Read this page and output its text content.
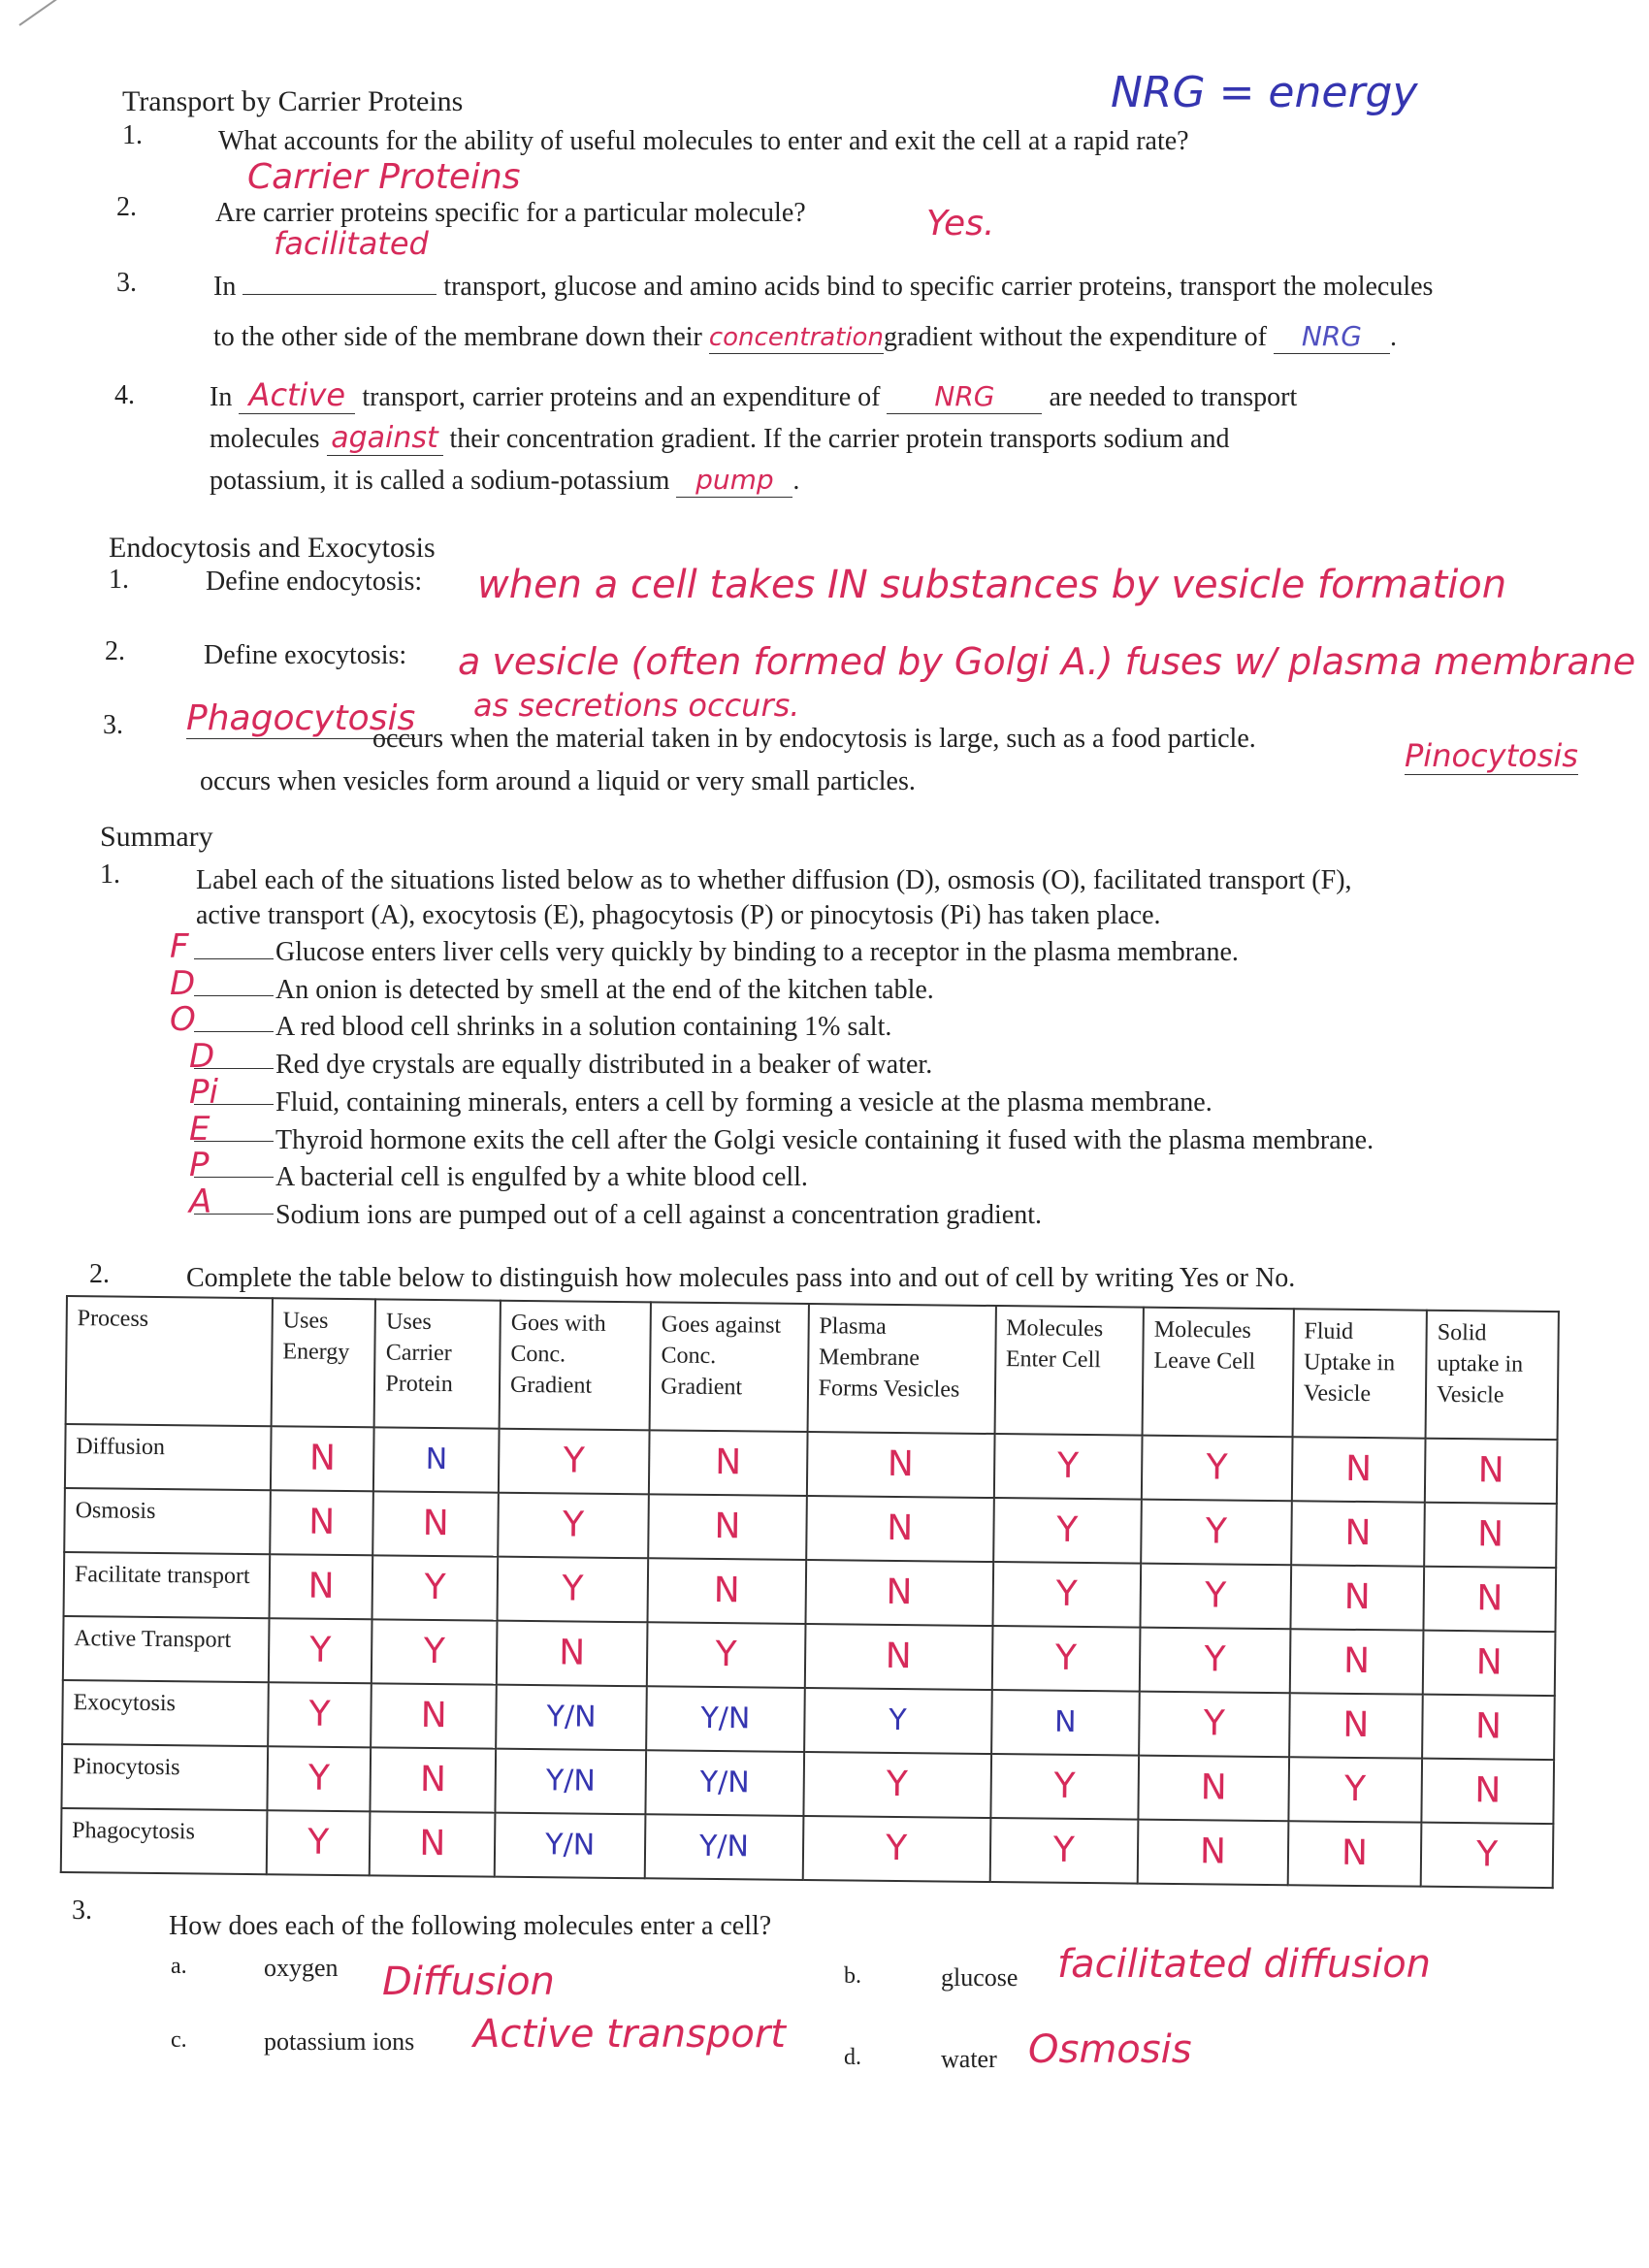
NRG = energy
Transport by Carrier Proteins
1.	What accounts for the ability of useful molecules to enter and exit the cell at a rapid rate?
Carrier Proteins
2.	Are carrier proteins specific for a particular molecule?	Yes.
facilitated
3.	In	transport, glucose and amino acids bind to specific carrier proteins, transport the molecules
to the other side of the membrane down their concentrationgradient without the expenditure of NRG .
4.	In Active transport, carrier proteins and an expenditure of NRG are needed to transport
molecules against their concentration gradient. If the carrier protein transports sodium and
potassium, it is called a sodium-potassium pump .
Endocytosis and Exocytosis
1.	Define endocytosis: when a cell takes IN substances by vesicle formation
2.	Define exocytosis: a vesicle (often formed by Golgi A.) fuses w/ plasma membrane
as secretions occurs.
3. Phagocytosis
occurs when the material taken in by endocytosis is large, such as a food particle.	Pinocytosis
occurs when vesicles form around a liquid or very small particles.
Summary
1.	Label each of the situations listed below as to whether diffusion (D), osmosis (O), facilitated transport (F),
active transport (A), exocytosis (E), phagocytosis (P) or pinocytosis (Pi) has taken place.
2.	Complete the table below to distinguish how molecules pass into and out of cell by writing Yes or No.
Process	Uses Energy	Uses Carrier Protein	Goes with Conc. Gradient	Goes against Conc. Gradient	Plasma Membrane Forms Vesicles	Molecules Enter Cell	Molecules Leave Cell	Fluid Uptake in Vesicle	Solid uptake in Vesicle
Diffusion	N	N	Y	N	N	Y	Y	N	N
Osmosis	N	N	Y	N	N	Y	Y	N	N
Facilitate transport	N	Y	Y	N	N	Y	Y	N	N
Active Transport	Y	Y	N	Y	N	Y	Y	N	N
Exocytosis	Y	N	Y/N	Y/N	Y	N	Y	N	N
Pinocytosis	Y	N	Y/N	Y/N	Y	Y	N	Y	N
Phagocytosis	Y	N	Y/N	Y/N	Y	Y	N	N	Y
3.
How does each of the following molecules enter a cell?
F	Glucose enters liver cells very quickly by binding to a receptor in the plasma membrane.
D	An onion is detected by smell at the end of the kitchen table.
O	A red blood cell shrinks in a solution containing 1% salt.
D Red dye crystals are equally distributed in a beaker of water.
Pi Fluid, containing minerals, enters a cell by forming a vesicle at the plasma membrane.
E Thyroid hormone exits the cell after the Golgi vesicle containing it fused with the plasma membrane.
P A bacterial cell is engulfed by a white blood cell.
A Sodium ions are pumped out of a cell against a concentration gradient.
a.	oxygen Diffusion	b.	glucose facilitated diffusion
c.	potassium ions Active transport
d.	water Osmosis
